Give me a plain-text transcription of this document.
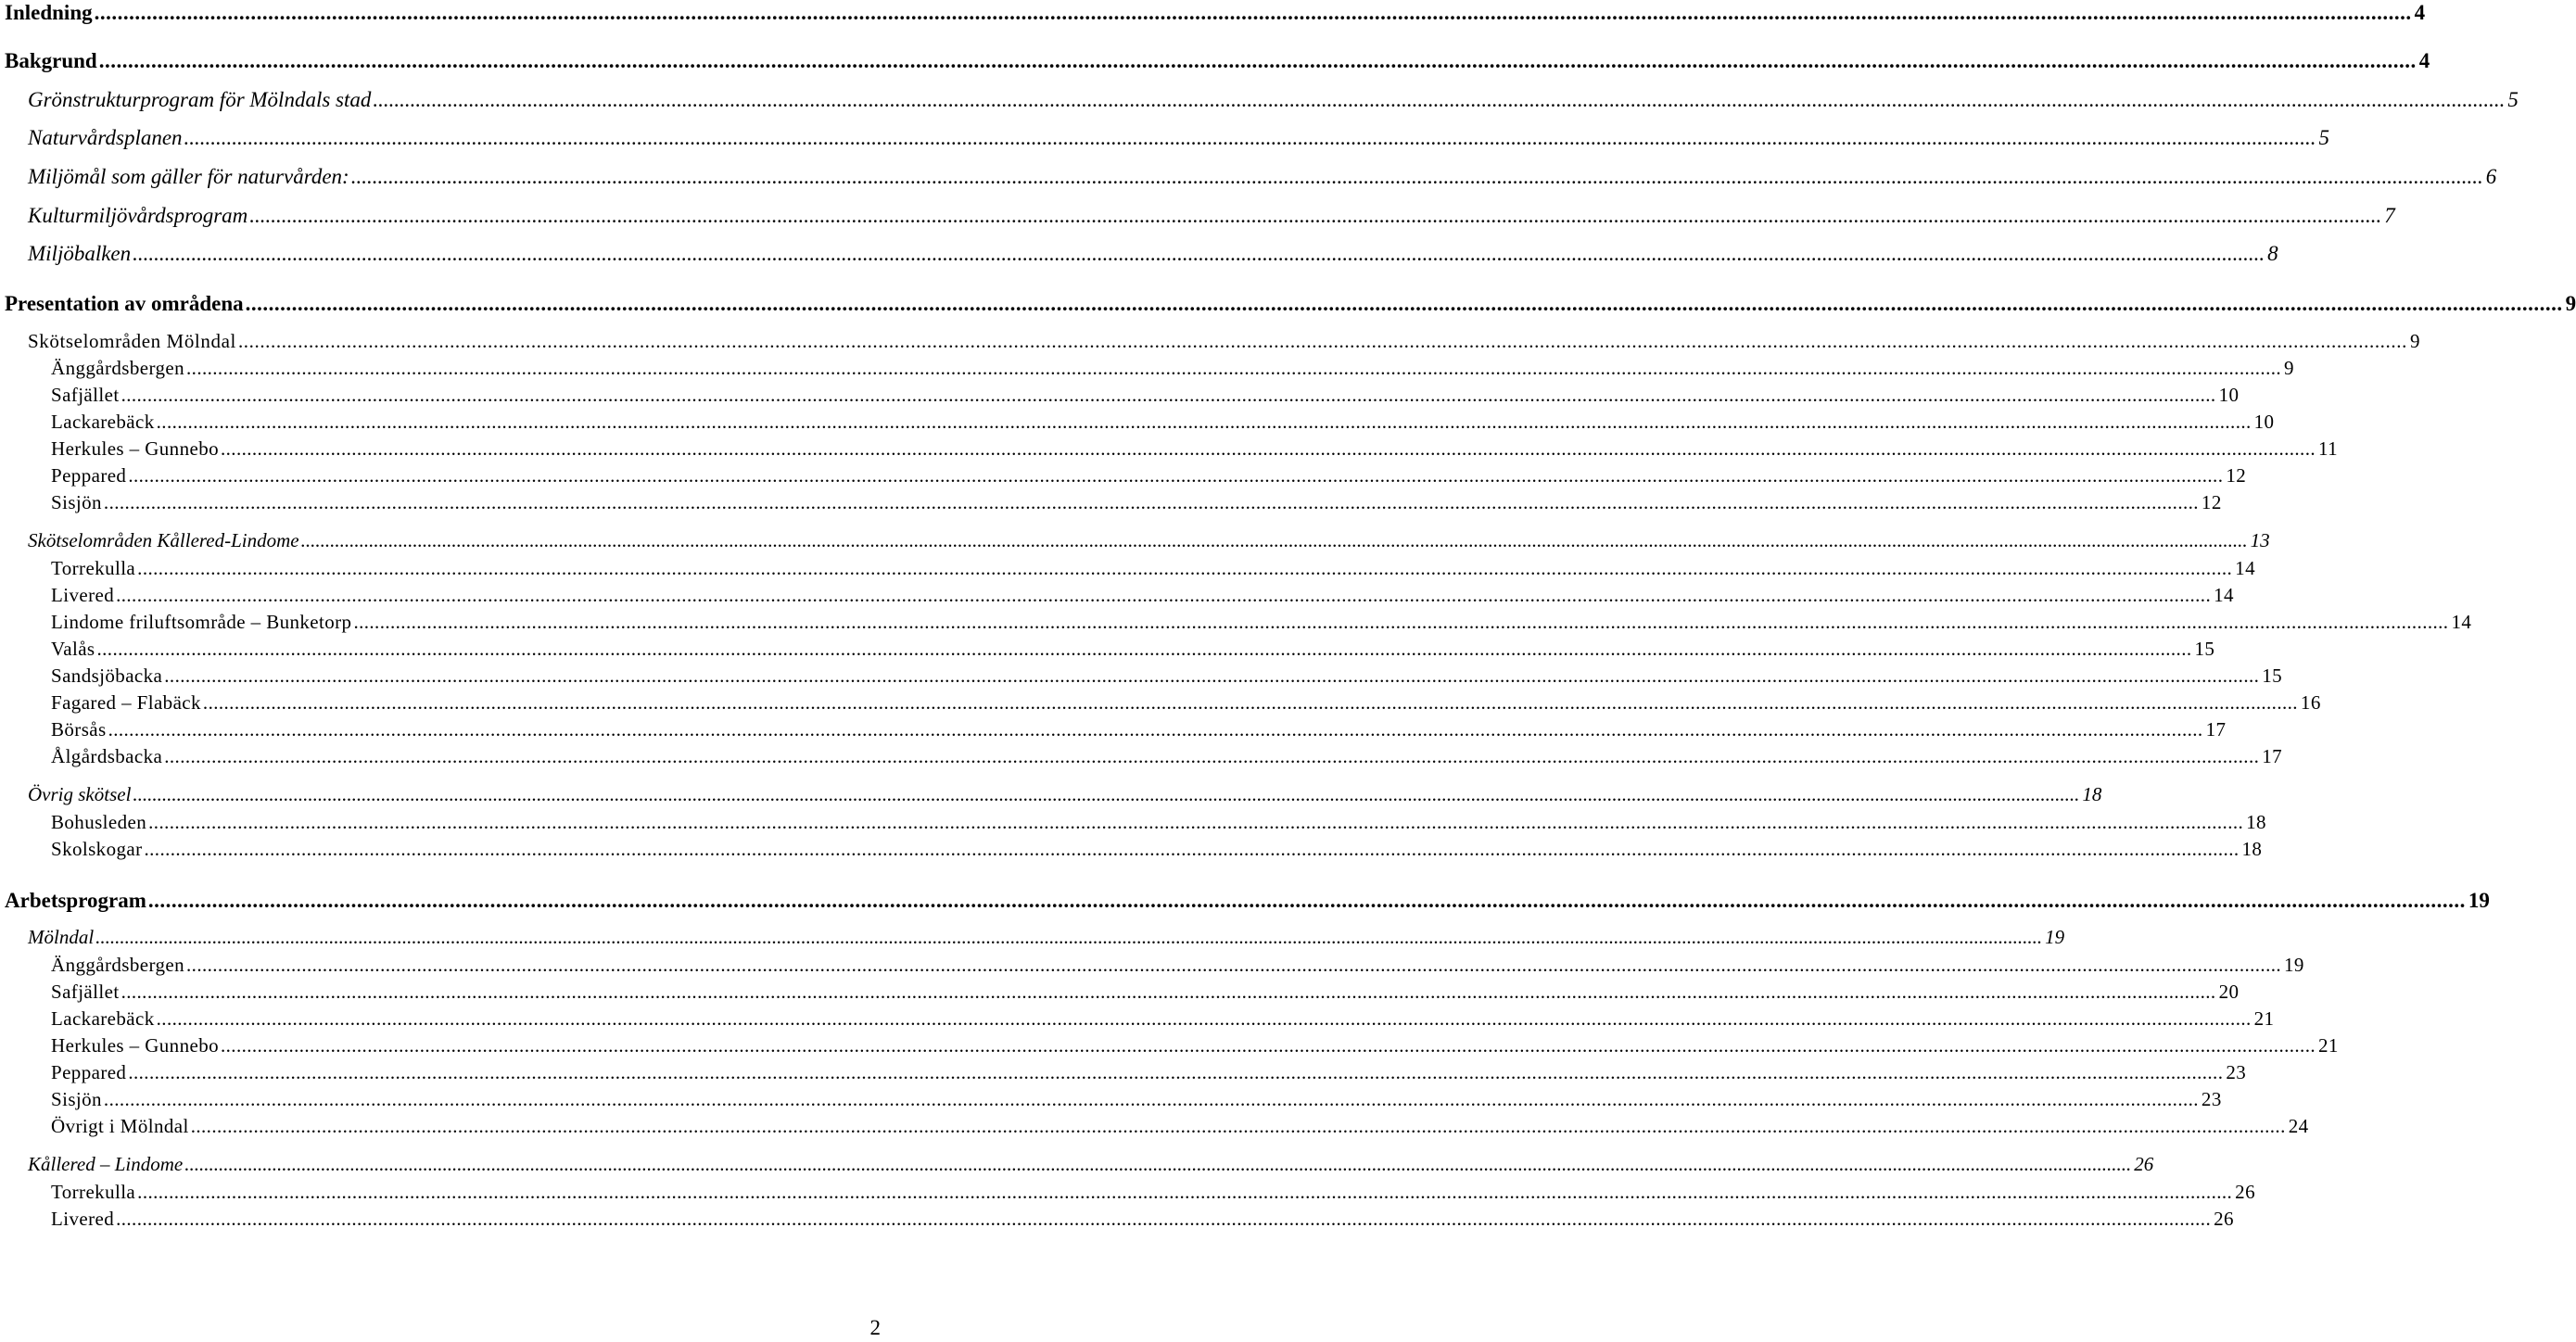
Inledning ................................................................................................................................................................................................................................................................................................................................................................................................................ 4
Bakgrund ................................................................................................................................................................................................................................................................................................................................................................................................................ 4
Grönstrukturprogram för Mölndals stad ................................................................................................................................................................................................................................................................................................................................................................................................................ 5
Naturvårdsplanen ................................................................................................................................................................................................................................................................................................................................................................................................................ 5
Miljömål som gäller för naturvården: ................................................................................................................................................................................................................................................................................................................................................................................................................ 6
Kulturmiljövårdsprogram ................................................................................................................................................................................................................................................................................................................................................................................................................ 7
Miljöbalken ................................................................................................................................................................................................................................................................................................................................................................................................................ 8
Presentation av områdena ................................................................................................................................................................................................................................................................................................................................................................................................................ 9
Skötselområden Mölndal ................................................................................................................................................................................................................................................................................................................................................................................................................ 9
Änggårdsbergen ................................................................................................................................................................................................................................................................................................................................................................................................................ 9
Safjället ................................................................................................................................................................................................................................................................................................................................................................................................................ 10
Lackarebäck ................................................................................................................................................................................................................................................................................................................................................................................................................ 10
Herkules – Gunnebo ................................................................................................................................................................................................................................................................................................................................................................................................................ 11
Peppared ................................................................................................................................................................................................................................................................................................................................................................................................................ 12
Sisjön ................................................................................................................................................................................................................................................................................................................................................................................................................ 12
Skötselområden Kållered-Lindome ................................................................................................................................................................................................................................................................................................................................................................................................................ 13
Torrekulla ................................................................................................................................................................................................................................................................................................................................................................................................................ 14
Livered ................................................................................................................................................................................................................................................................................................................................................................................................................ 14
Lindome friluftsområde – Bunketorp ................................................................................................................................................................................................................................................................................................................................................................................................................ 14
Valås ................................................................................................................................................................................................................................................................................................................................................................................................................ 15
Sandsjöbacka ................................................................................................................................................................................................................................................................................................................................................................................................................ 15
Fagared – Flabäck ................................................................................................................................................................................................................................................................................................................................................................................................................ 16
Börsås ................................................................................................................................................................................................................................................................................................................................................................................................................ 17
Ålgårdsbacka ................................................................................................................................................................................................................................................................................................................................................................................................................ 17
Övrig skötsel ................................................................................................................................................................................................................................................................................................................................................................................................................ 18
Bohusleden ................................................................................................................................................................................................................................................................................................................................................................................................................ 18
Skolskogar ................................................................................................................................................................................................................................................................................................................................................................................................................ 18
Arbetsprogram ................................................................................................................................................................................................................................................................................................................................................................................................................ 19
Mölndal ................................................................................................................................................................................................................................................................................................................................................................................................................ 19
Änggårdsbergen ................................................................................................................................................................................................................................................................................................................................................................................................................ 19
Safjället ................................................................................................................................................................................................................................................................................................................................................................................................................ 20
Lackarebäck ................................................................................................................................................................................................................................................................................................................................................................................................................ 21
Herkules – Gunnebo ................................................................................................................................................................................................................................................................................................................................................................................................................ 21
Peppared ................................................................................................................................................................................................................................................................................................................................................................................................................ 23
Sisjön ................................................................................................................................................................................................................................................................................................................................................................................................................ 23
Övrigt i Mölndal ................................................................................................................................................................................................................................................................................................................................................................................................................ 24
Kållered – Lindome ................................................................................................................................................................................................................................................................................................................................................................................................................ 26
Torrekulla ................................................................................................................................................................................................................................................................................................................................................................................................................ 26
Livered ................................................................................................................................................................................................................................................................................................................................................................................................................ 26
2
